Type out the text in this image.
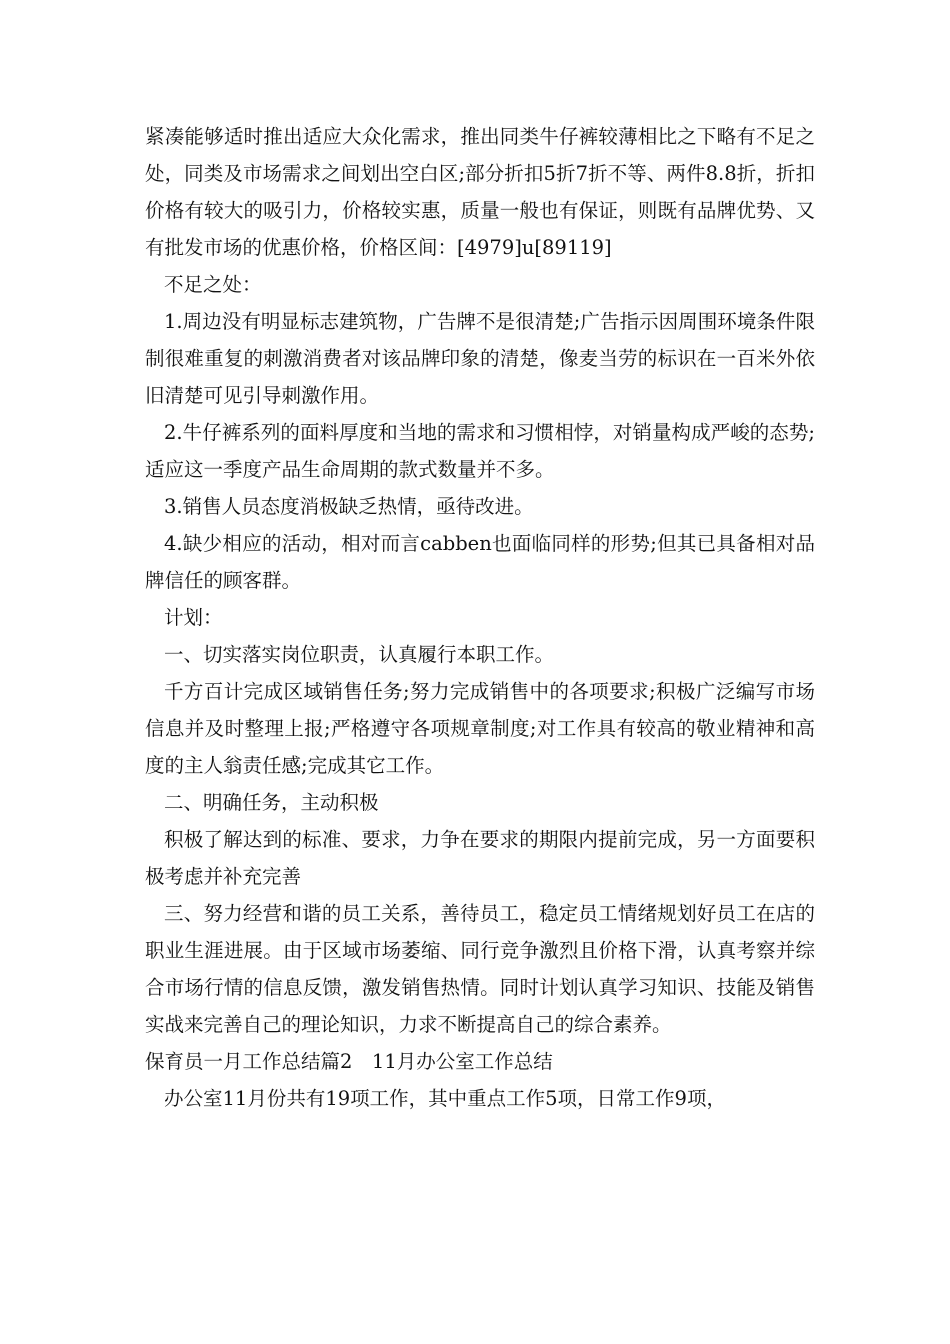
紧凑能够适时推出适应大众化需求，推出同类牛仔裤较薄相比之下略有不足之处，同类及市场需求之间划出空白区;部分折扣5折7折不等、两件8.8折，折扣价格有较大的吸引力，价格较实惠，质量一般也有保证，则既有品牌优势、又有批发市场的优惠价格，价格区间：[4979]u[89119]

不足之处：

1.周边没有明显标志建筑物，广告牌不是很清楚;广告指示因周围环境条件限制很难重复的刺激消费者对该品牌印象的清楚，像麦当劳的标识在一百米外依旧清楚可见引导刺激作用。

2.牛仔裤系列的面料厚度和当地的需求和习惯相悖，对销量构成严峻的态势;适应这一季度产品生命周期的款式数量并不多。

3.销售人员态度消极缺乏热情，亟待改进。

4.缺少相应的活动，相对而言cabben也面临同样的形势;但其已具备相对品牌信任的顾客群。

计划：

一、切实落实岗位职责，认真履行本职工作。

千方百计完成区域销售任务;努力完成销售中的各项要求;积极广泛编写市场信息并及时整理上报;严格遵守各项规章制度;对工作具有较高的敬业精神和高度的主人翁责任感;完成其它工作。

二、明确任务，主动积极

积极了解达到的标准、要求，力争在要求的期限内提前完成，另一方面要积极考虑并补充完善

三、努力经营和谐的员工关系，善待员工，稳定员工情绪规划好员工在店的职业生涯进展。由于区域市场萎缩、同行竞争激烈且价格下滑，认真考察并综合市场行情的信息反馈，激发销售热情。同时计划认真学习知识、技能及销售实战来完善自己的理论知识，力求不断提高自己的综合素养。

保育员一月工作总结篇2　11月办公室工作总结

办公室11月份共有19项工作，其中重点工作5项，日常工作9项，
